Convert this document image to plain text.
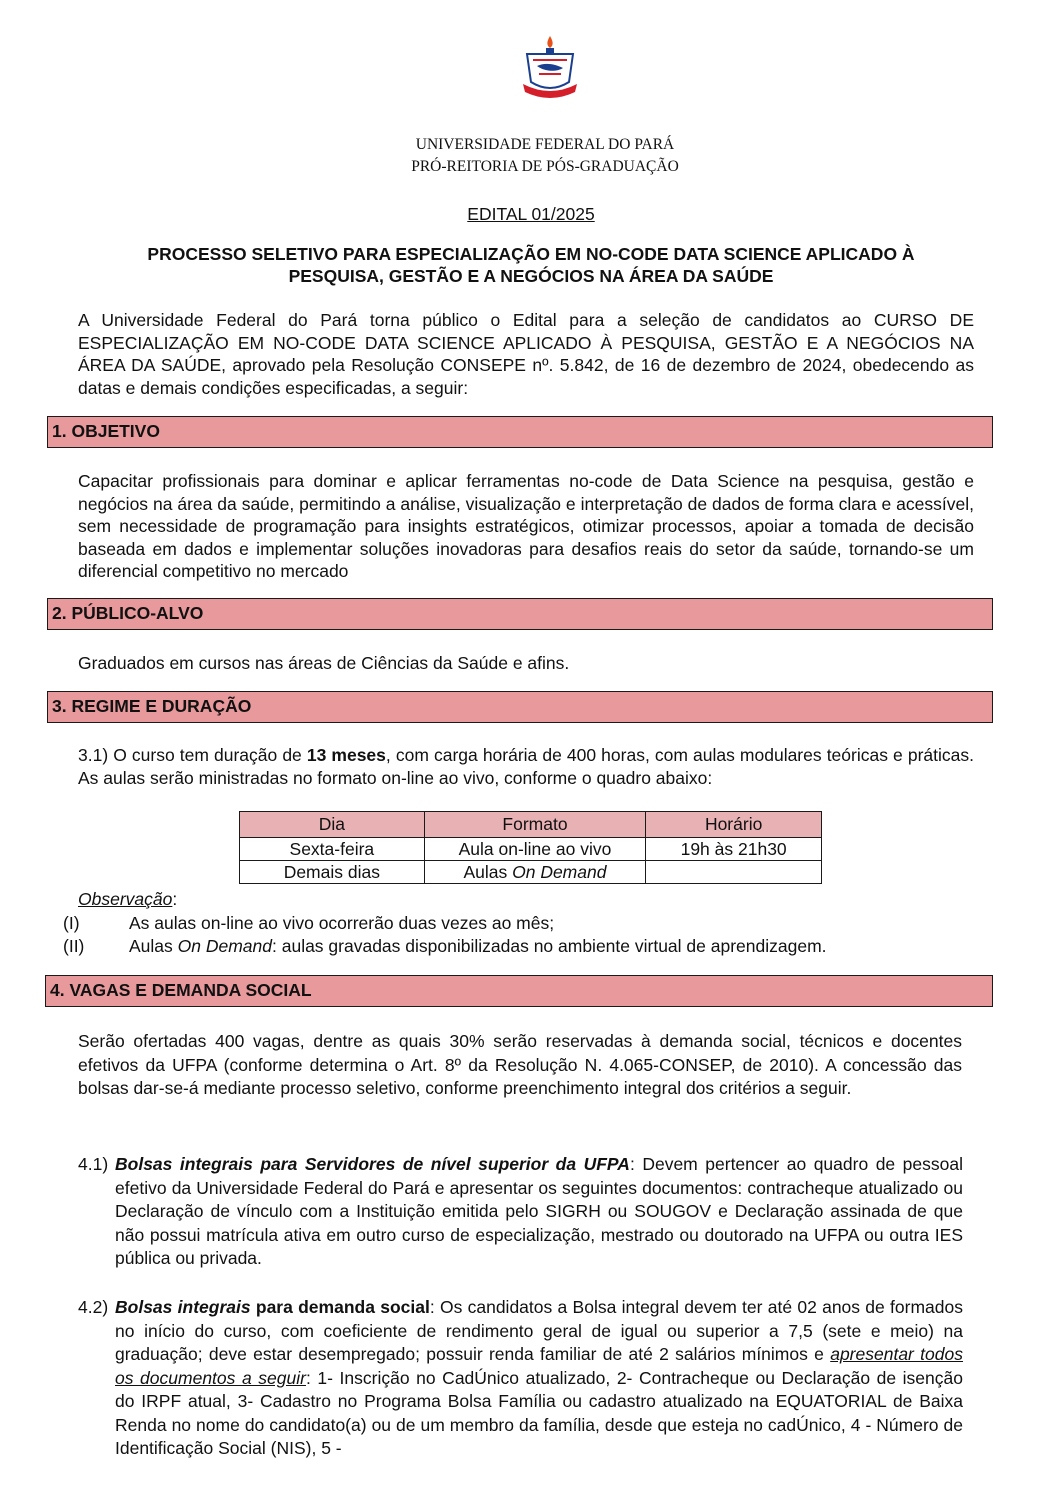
UNIVERSIDADE FEDERAL DO PARÁ
PRÓ-REITORIA DE PÓS-GRADUAÇÃO
EDITAL 01/2025
PROCESSO SELETIVO PARA ESPECIALIZAÇÃO EM NO-CODE DATA SCIENCE APLICADO À
PESQUISA, GESTÃO E A NEGÓCIOS NA ÁREA DA SAÚDE
A Universidade Federal do Pará torna público o Edital para a seleção de candidatos ao CURSO DE ESPECIALIZAÇÃO EM NO-CODE DATA SCIENCE APLICADO À PESQUISA, GESTÃO E A NEGÓCIOS NA ÁREA DA SAÚDE, aprovado pela Resolução CONSEPE nº. 5.842, de 16 de dezembro de 2024, obedecendo as datas e demais condições especificadas, a seguir:
1. OBJETIVO
Capacitar profissionais para dominar e aplicar ferramentas no-code de Data Science na pesquisa, gestão e negócios na área da saúde, permitindo a análise, visualização e interpretação de dados de forma clara e acessível, sem necessidade de programação para insights estratégicos, otimizar processos, apoiar a tomada de decisão baseada em dados e implementar soluções inovadoras para desafios reais do setor da saúde, tornando-se um diferencial competitivo no mercado
2. PÚBLICO-ALVO
Graduados em cursos nas áreas de Ciências da Saúde e afins.
3. REGIME E DURAÇÃO
3.1) O curso tem duração de 13 meses, com carga horária de 400 horas, com aulas modulares teóricas e práticas. As aulas serão ministradas no formato on-line ao vivo, conforme o quadro abaixo:
Dia	Formato	Horário
Sexta-feira	Aula on-line ao vivo	19h às 21h30
Demais dias	Aulas On Demand	
Observação:
(I)	As aulas on-line ao vivo ocorrerão duas vezes ao mês;
(II)	Aulas On Demand: aulas gravadas disponibilizadas no ambiente virtual de aprendizagem.
4. VAGAS E DEMANDA SOCIAL
Serão ofertadas 400 vagas, dentre as quais 30% serão reservadas à demanda social, técnicos e docentes efetivos da UFPA (conforme determina o Art. 8º da Resolução N. 4.065-CONSEP, de 2010). A concessão das bolsas dar-se-á mediante processo seletivo, conforme preenchimento integral dos critérios a seguir.
4.1) Bolsas integrais para Servidores de nível superior da UFPA: Devem pertencer ao quadro de pessoal efetivo da Universidade Federal do Pará e apresentar os seguintes documentos: contracheque atualizado ou Declaração de vínculo com a Instituição emitida pelo SIGRH ou SOUGOV e Declaração assinada de que não possui matrícula ativa em outro curso de especialização, mestrado ou doutorado na UFPA ou outra IES pública ou privada.
4.2) Bolsas integrais para demanda social: Os candidatos a Bolsa integral devem ter até 02 anos de formados no início do curso, com coeficiente de rendimento geral de igual ou superior a 7,5 (sete e meio) na graduação; deve estar desempregado; possuir renda familiar de até 2 salários mínimos e apresentar todos os documentos a seguir: 1- Inscrição no CadÚnico atualizado, 2- Contracheque ou Declaração de isenção do IRPF atual, 3- Cadastro no Programa Bolsa Família ou cadastro atualizado na EQUATORIAL de Baixa Renda no nome do candidato(a) ou de um membro da família, desde que esteja no cadÚnico, 4 - Número de Identificação Social (NIS), 5 -
